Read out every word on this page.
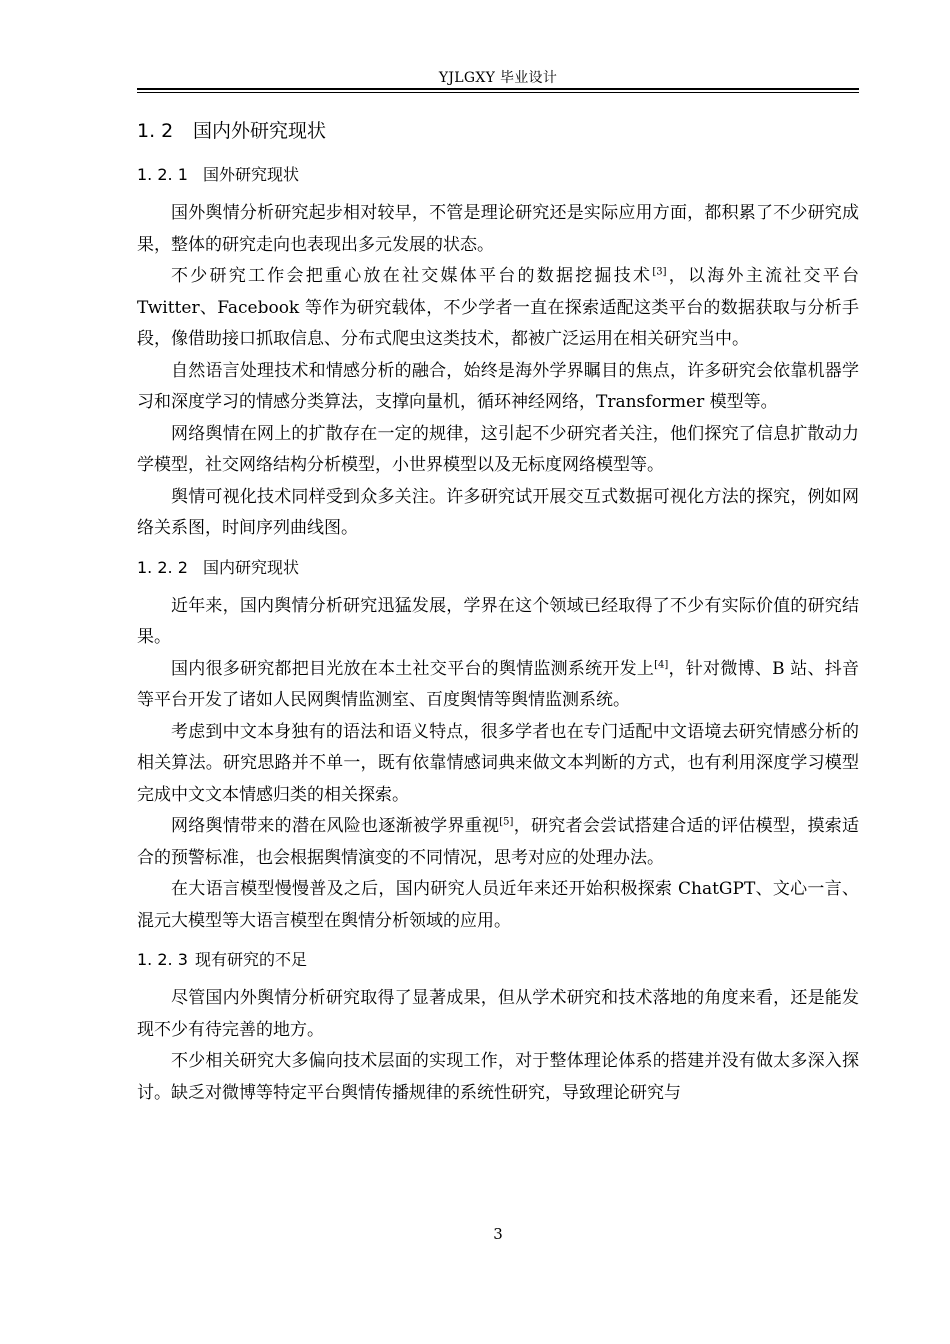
YJLGXY 毕业设计
1. 2 国内外研究现状
1. 2. 1 国外研究现状

国外舆情分析研究起步相对较早，不管是理论研究还是实际应用方面，都积累了不少研究成果，整体的研究走向也表现出多元发展的状态。

不少研究工作会把重心放在社交媒体平台的数据挖掘技术[3]，以海外主流社交平台 Twitter、Facebook 等作为研究载体，不少学者一直在探索适配这类平台的数据获取与分析手段，像借助接口抓取信息、分布式爬虫这类技术，都被广泛运用在相关研究当中。

自然语言处理技术和情感分析的融合，始终是海外学界瞩目的焦点，许多研究会依靠机器学习和深度学习的情感分类算法，支撑向量机，循环神经网络，Transformer 模型等。

网络舆情在网上的扩散存在一定的规律，这引起不少研究者关注，他们探究了信息扩散动力学模型，社交网络结构分析模型，小世界模型以及无标度网络模型等。

舆情可视化技术同样受到众多关注。许多研究试开展交互式数据可视化方法的探究，例如网络关系图，时间序列曲线图。

1. 2. 2 国内研究现状

近年来，国内舆情分析研究迅猛发展，学界在这个领域已经取得了不少有实际价值的研究结果。

国内很多研究都把目光放在本土社交平台的舆情监测系统开发上[4]，针对微博、B 站、抖音等平台开发了诸如人民网舆情监测室、百度舆情等舆情监测系统。

考虑到中文本身独有的语法和语义特点，很多学者也在专门适配中文语境去研究情感分析的相关算法。研究思路并不单一，既有依靠情感词典来做文本判断的方式，也有利用深度学习模型完成中文文本情感归类的相关探索。

网络舆情带来的潜在风险也逐渐被学界重视[5]，研究者会尝试搭建合适的评估模型，摸索适合的预警标准，也会根据舆情演变的不同情况，思考对应的处理办法。

在大语言模型慢慢普及之后，国内研究人员近年来还开始积极探索 ChatGPT、文心一言、混元大模型等大语言模型在舆情分析领域的应用。

1. 2. 3 现有研究的不足

尽管国内外舆情分析研究取得了显著成果，但从学术研究和技术落地的角度来看，还是能发现不少有待完善的地方。

不少相关研究大多偏向技术层面的实现工作，对于整体理论体系的搭建并没有做太多深入探讨。缺乏对微博等特定平台舆情传播规律的系统性研究，导致理论研究与

3
